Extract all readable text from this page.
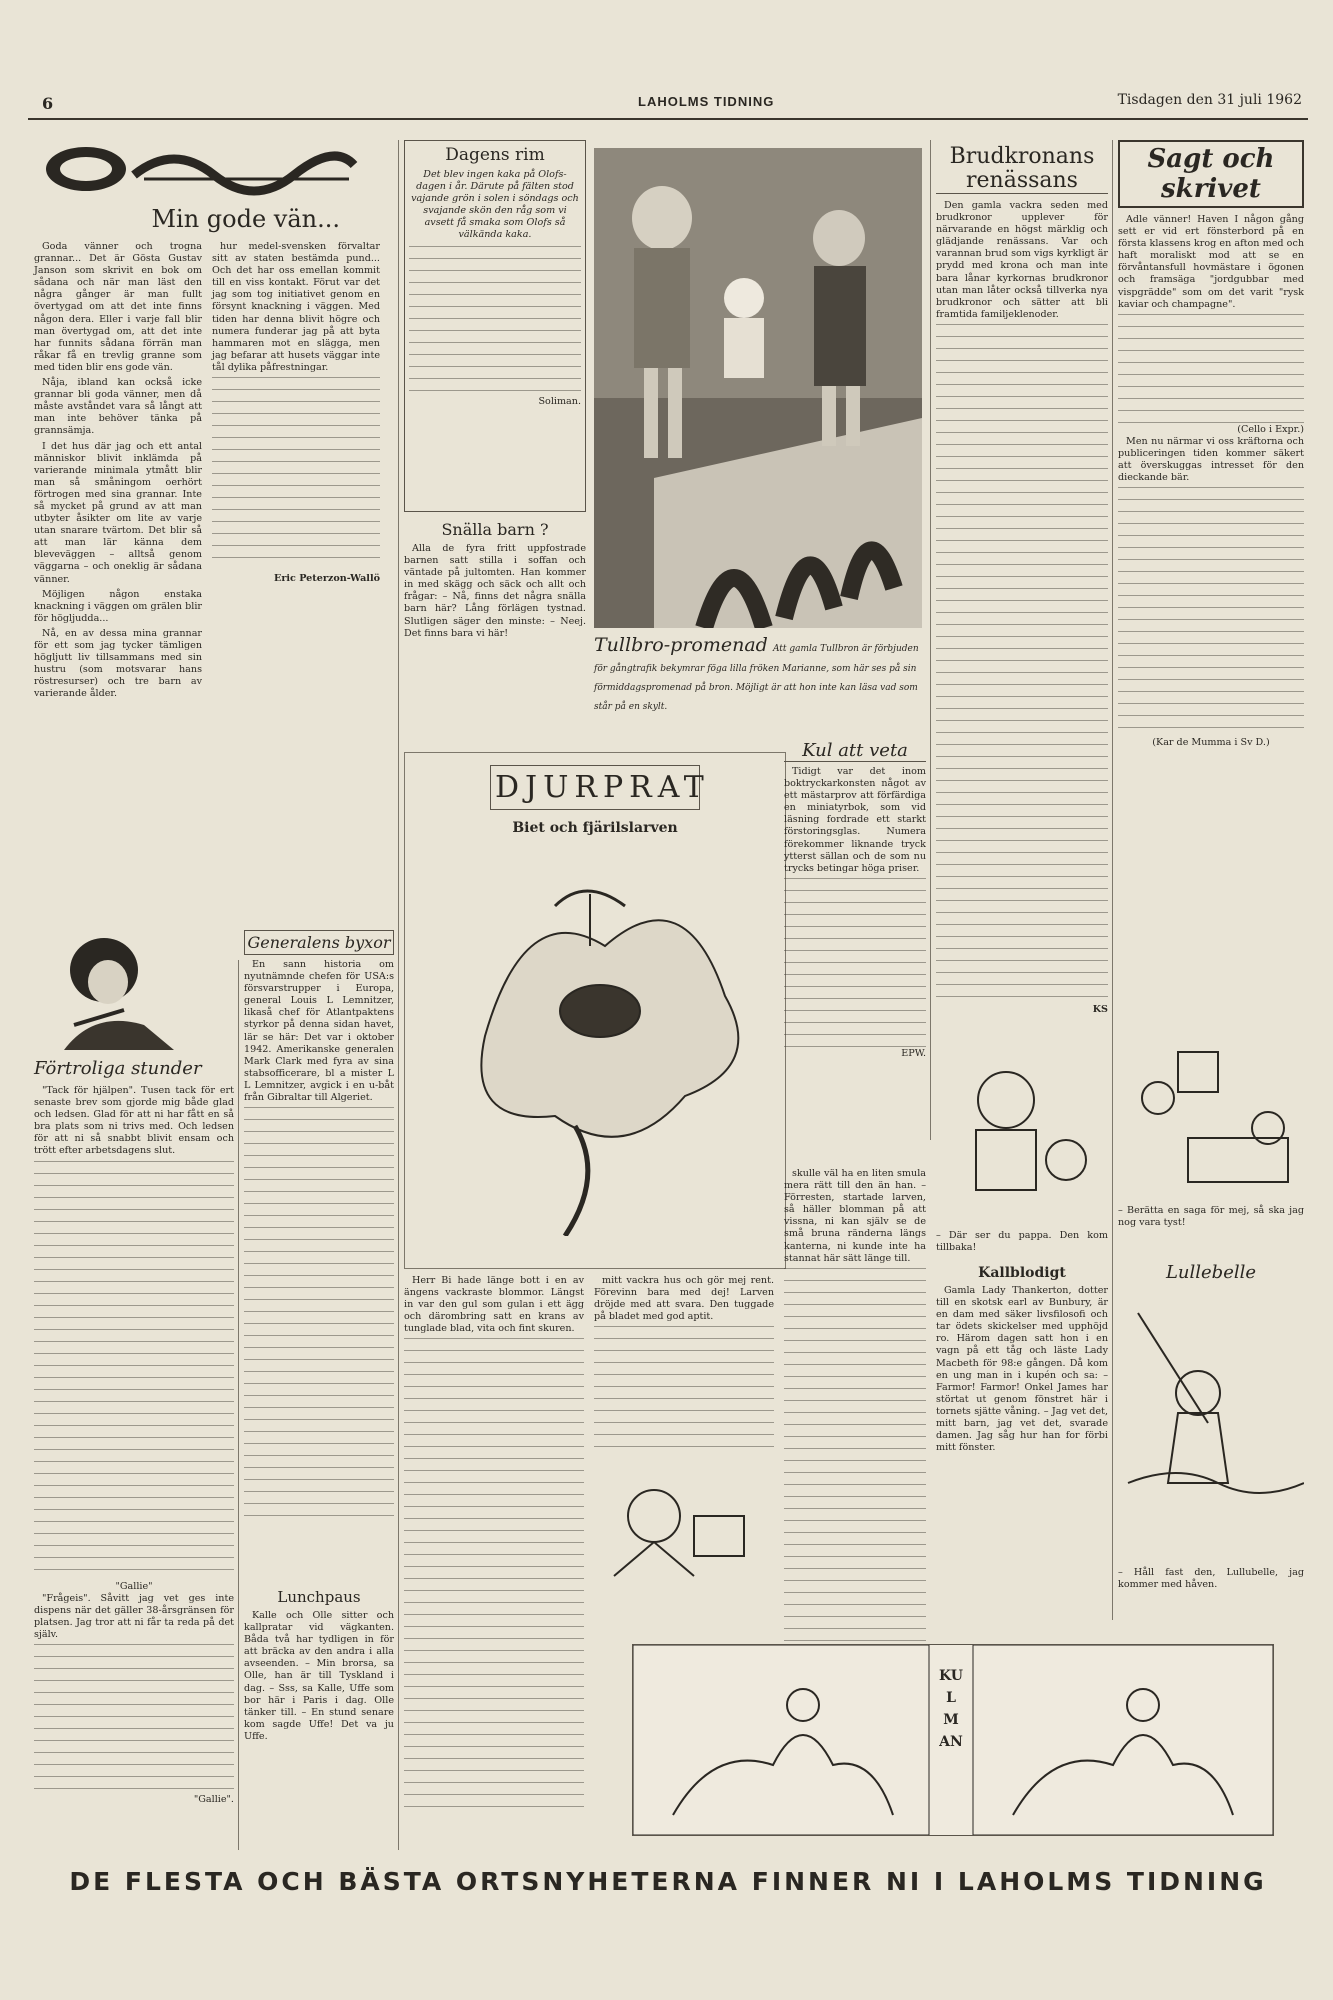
6	LAHOLMS TIDNING	Tisdagen den 31 juli 1962
Min gode vän...

Goda vänner och trogna grannar... Det är Gösta Gustav Janson som skrivit en bok om sådana och när man läst den några gånger är man fullt övertygad om att det inte finns någon dera. Eller i varje fall blir man övertygad om, att det inte har funnits sådana förrän man råkar få en trevlig granne som med tiden blir ens gode vän.

Nåja, ibland kan också icke grannar bli goda vänner, men då måste avståndet vara så långt att man inte behöver tänka på grannsämja.

I det hus där jag och ett antal människor blivit inklämda på varierande minimala ytmått blir man så småningom oerhört förtrogen med sina grannar. Inte så mycket på grund av att man utbyter åsikter om lite av varje utan snarare tvärtom. Det blir så att man lär känna dem bleveväggen – alltså genom väggarna – och oneklig är sådana vänner.

Möjligen någon enstaka knackning i väggen om grälen blir för högljudda...

Nå, en av dessa mina grannar för ett som jag tycker tämligen högljutt liv tillsammans med sin hustru (som motsvarar hans röstresurser) och tre barn av varierande ålder.

hur medel-svensken förvaltar sitt av staten bestämda pund... Och det har oss emellan kommit till en viss kontakt. Förut var det jag som tog initiativet genom en försynt knackning i väggen. Med tiden har denna blivit högre och numera funderar jag på att byta hammaren mot en slägga, men jag befarar att husets väggar inte tål dylika påfrestningar.

Eric Peterzon-Wallö

Förtroliga stunder

"Tack för hjälpen". Tusen tack för ert senaste brev som gjorde mig både glad och ledsen. Glad för att ni har fått en så bra plats som ni trivs med. Och ledsen för att ni så snabbt blivit ensam och trött efter arbetsdagens slut.

"Gallie"

"Frågeis". Såvitt jag vet ges inte dispens när det gäller 38-årsgränsen för platsen. Jag tror att ni får ta reda på det själv.

"Gallie".

Generalens byxor

En sann historia om nyutnämnde chefen för USA:s försvarstrupper i Europa, general Louis L Lemnitzer, likaså chef för Atlantpaktens styrkor på denna sidan havet, lär se här: Det var i oktober 1942. Amerikanske generalen Mark Clark med fyra av sina stabsofficerare, bl a mister L L Lemnitzer, avgick i en u-båt från Gibraltar till Algeriet.

Lunchpaus

Kalle och Olle sitter och kallpratar vid vägkanten. Båda två har tydligen in för att bräcka av den andra i alla avseenden. – Min brorsa, sa Olle, han är till Tyskland i dag. – Sss, sa Kalle, Uffe som bor här i Paris i dag. Olle tänker till. – En stund senare kom sagde Uffe! Det va ju Uffe.

Dagens rim

Det blev ingen kaka på Olofs-dagen i år. Därute på fälten stod vajande grön i solen i söndags och svajande skön den råg som vi avsett få smaka som Olofs så välkända kaka.

Soliman.

Snälla barn ?

Alla de fyra fritt uppfostrade barnen satt stilla i soffan och väntade på jultomten. Han kommer in med skägg och säck och allt och frågar: – Nå, finns det några snälla barn här? Lång förlägen tystnad. Slutligen säger den minste: – Neej. Det finns bara vi här!

Tullbro-promenad Att gamla Tullbron är förbjuden för gångtrafik bekymrar föga lilla fröken Marianne, som här ses på sin förmiddagspromenad på bron. Möjligt är att hon inte kan läsa vad som står på en skylt.

DJURPRAT
Biet och fjärilslarven

Herr Bi hade länge bott i en av ängens vackraste blommor. Längst in var den gul som gulan i ett ägg och därombring satt en krans av tunglade blad, vita och fint skuren.

mitt vackra hus och gör mej rent. Förevinn bara med dej! Larven dröjde med att svara. Den tuggade på bladet med god aptit.

skulle väl ha en liten smula mera rätt till den än han. – Förresten, startade larven, så häller blomman på att vissna, ni kan själv se de små bruna ränderna längs kanterna, ni kunde inte ha stannat här sätt länge till.

Kul att veta

Tidigt var det inom boktryckarkonsten något av ett mästarprov att förfärdiga en miniatyrbok, som vid läsning fordrade ett starkt förstoringsglas. Numera förekommer liknande tryck ytterst sällan och de som nu trycks betingar höga priser.

EPW.

Brudkronans renässans

Den gamla vackra seden med brudkronor upplever för närvarande en högst märklig och glädjande renässans. Var och varannan brud som vigs kyrkligt är prydd med krona och man inte bara lånar kyrkornas brudkronor utan man låter också tillverka nya brudkronor och sätter att bli framtida familjeklenoder.

KS

Sagt och skrivet

Adle vänner! Haven I någon gång sett er vid ert fönsterbord på en första klassens krog en afton med och haft moraliskt mod att se en förvåntansfull hovmästare i ögonen och framsäga "jordgubbar med vispgrädde" som om det varit "rysk kaviar och champagne".

(Cello i Expr.)

Men nu närmar vi oss kräftorna och publiceringen tiden kommer säkert att överskuggas intresset för den dieckande bär.

(Kar de Mumma i Sv D.)

– Där ser du pappa. Den kom tillbaka!

– Berätta en saga för mej, så ska jag nog vara tyst!

Lullebelle

– Håll fast den, Lullubelle, jag kommer med håven.

Kallblodigt

Gamla Lady Thankerton, dotter till en skotsk earl av Bunbury, är en dam med säker livsfilosofi och tar ödets skickelser med upphöjd ro. Härom dagen satt hon i en vagn på ett tåg och läste Lady Macbeth för 98:e gången. Då kom en ung man in i kupén och sa: – Farmor! Farmor! Onkel James har störtat ut genom fönstret här i tornets sjätte våning. – Jag vet det, mitt barn, jag vet det, svarade damen. Jag såg hur han for förbi mitt fönster.

KULMAN
DE FLESTA OCH BÄSTA ORTSNYHETERNA FINNER NI I LAHOLMS TIDNING
